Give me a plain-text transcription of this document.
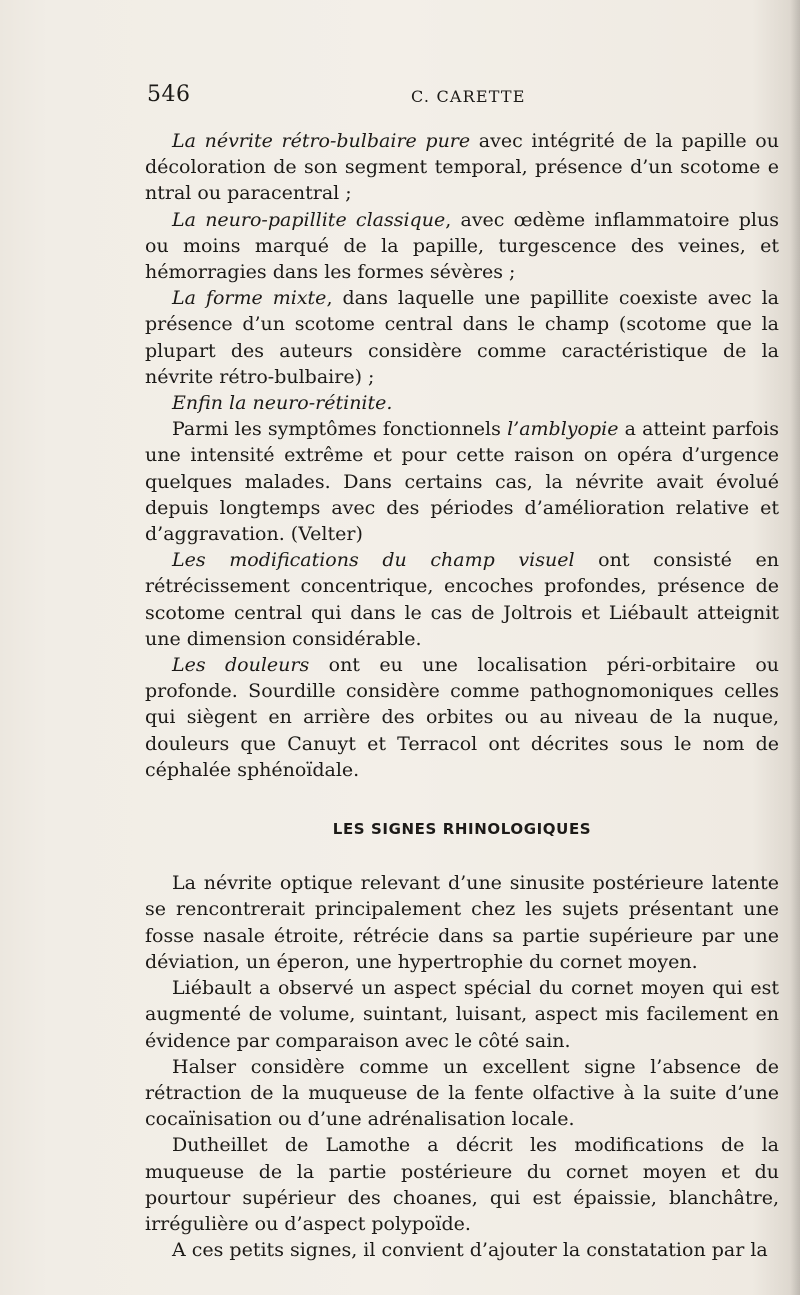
546	C. CARETTE

La névrite rétro-bulbaire pure avec intégrité de la papille ou décoloration de son segment temporal, présence d’un scotome e ntral ou paracentral ;

La neuro-papillite classique, avec œdème inflammatoire plus ou moins marqué de la papille, turgescence des veines, et hémorragies dans les formes sévères ;

La forme mixte, dans laquelle une papillite coexiste avec la présence d’un scotome central dans le champ (scotome que la plupart des auteurs considère comme caractéristique de la névrite rétro-bulbaire) ;

Enfin la neuro-rétinite.

Parmi les symptômes fonctionnels l’amblyopie a atteint parfois une intensité extrême et pour cette raison on opéra d’urgence quelques malades. Dans certains cas, la névrite avait évolué depuis longtemps avec des périodes d’amélioration relative et d’aggravation. (Velter)

Les modifications du champ visuel ont consisté en rétrécissement concentrique, encoches profondes, présence de scotome central qui dans le cas de Joltrois et Liébault atteignit une dimension considérable.

Les douleurs ont eu une localisation péri-orbitaire ou profonde. Sourdille considère comme pathognomoniques celles qui siègent en arrière des orbites ou au niveau de la nuque, douleurs que Canuyt et Terracol ont décrites sous le nom de céphalée sphénoïdale.

LES SIGNES RHINOLOGIQUES

La névrite optique relevant d’une sinusite postérieure latente se rencontrerait principalement chez les sujets présentant une fosse nasale étroite, rétrécie dans sa partie supérieure par une déviation, un éperon, une hypertrophie du cornet moyen.

Liébault a observé un aspect spécial du cornet moyen qui est augmenté de volume, suintant, luisant, aspect mis facilement en évidence par comparaison avec le côté sain.

Halser considère comme un excellent signe l’absence de rétraction de la muqueuse de la fente olfactive à la suite d’une cocaïnisation ou d’une adrénalisation locale.

Dutheillet de Lamothe a décrit les modifications de la muqueuse de la partie postérieure du cornet moyen et du pourtour supérieur des choanes, qui est épaissie, blanchâtre, irrégulière ou d’aspect polypoïde.

A ces petits signes, il convient d’ajouter la constatation par la
